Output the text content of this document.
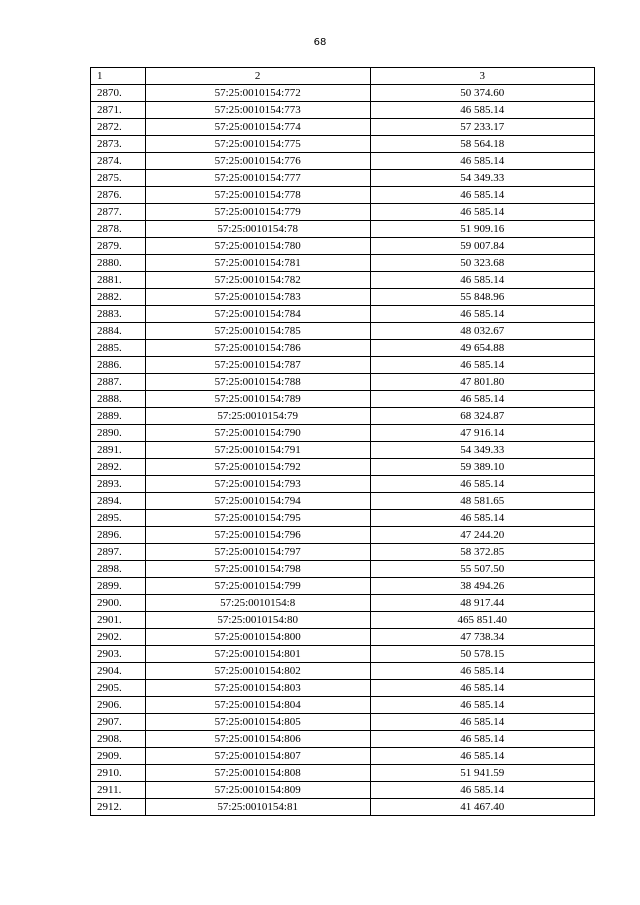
68
1	2	3
2870.	57:25:0010154:772	50 374.60
2871.	57:25:0010154:773	46 585.14
2872.	57:25:0010154:774	57 233.17
2873.	57:25:0010154:775	58 564.18
2874.	57:25:0010154:776	46 585.14
2875.	57:25:0010154:777	54 349.33
2876.	57:25:0010154:778	46 585.14
2877.	57:25:0010154:779	46 585.14
2878.	57:25:0010154:78	51 909.16
2879.	57:25:0010154:780	59 007.84
2880.	57:25:0010154:781	50 323.68
2881.	57:25:0010154:782	46 585.14
2882.	57:25:0010154:783	55 848.96
2883.	57:25:0010154:784	46 585.14
2884.	57:25:0010154:785	48 032.67
2885.	57:25:0010154:786	49 654.88
2886.	57:25:0010154:787	46 585.14
2887.	57:25:0010154:788	47 801.80
2888.	57:25:0010154:789	46 585.14
2889.	57:25:0010154:79	68 324.87
2890.	57:25:0010154:790	47 916.14
2891.	57:25:0010154:791	54 349.33
2892.	57:25:0010154:792	59 389.10
2893.	57:25:0010154:793	46 585.14
2894.	57:25:0010154:794	48 581.65
2895.	57:25:0010154:795	46 585.14
2896.	57:25:0010154:796	47 244.20
2897.	57:25:0010154:797	58 372.85
2898.	57:25:0010154:798	55 507.50
2899.	57:25:0010154:799	38 494.26
2900.	57:25:0010154:8	48 917.44
2901.	57:25:0010154:80	465 851.40
2902.	57:25:0010154:800	47 738.34
2903.	57:25:0010154:801	50 578.15
2904.	57:25:0010154:802	46 585.14
2905.	57:25:0010154:803	46 585.14
2906.	57:25:0010154:804	46 585.14
2907.	57:25:0010154:805	46 585.14
2908.	57:25:0010154:806	46 585.14
2909.	57:25:0010154:807	46 585.14
2910.	57:25:0010154:808	51 941.59
2911.	57:25:0010154:809	46 585.14
2912.	57:25:0010154:81	41 467.40
